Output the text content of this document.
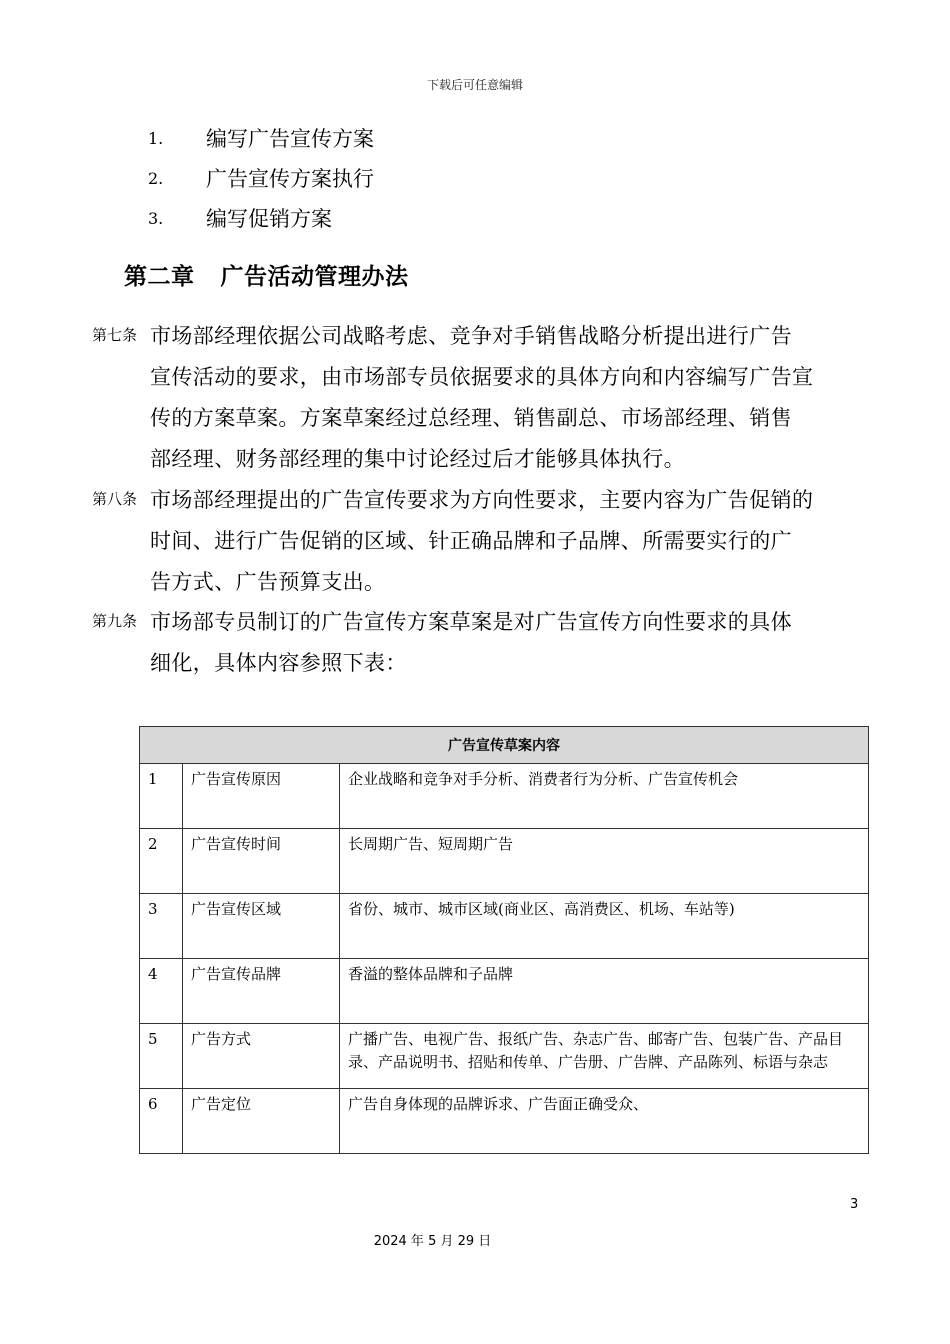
下载后可任意编辑
1.	编写广告宣传方案
2.	广告宣传方案执行
3.	编写促销方案
第二章 广告活动管理办法
第七条 市场部经理依据公司战略考虑、竞争对手销售战略分析提出进行广告
宣传活动的要求，由市场部专员依据要求的具体方向和内容编写广告宣
传的方案草案。方案草案经过总经理、销售副总、市场部经理、销售
部经理、财务部经理的集中讨论经过后才能够具体执行。
第八条 市场部经理提出的广告宣传要求为方向性要求，主要内容为广告促销的
时间、进行广告促销的区域、针正确品牌和子品牌、所需要实行的广
告方式、广告预算支出。
第九条 市场部专员制订的广告宣传方案草案是对广告宣传方向性要求的具体
细化，具体内容参照下表：
广告宣传草案内容		
1	广告宣传原因	企业战略和竞争对手分析、消费者行为分析、广告宣传机会
2	广告宣传时间	长周期广告、短周期广告
3	广告宣传区域	省份、城市、城市区域(商业区、高消费区、机场、车站等)
4	广告宣传品牌	香溢的整体品牌和子品牌
5	广告方式	广播广告、电视广告、报纸广告、杂志广告、邮寄广告、包装广告、产品目录、产品说明书、招贴和传单、广告册、广告牌、产品陈列、标语与杂志
6	广告定位	广告自身体现的品牌诉求、广告面正确受众、
3
2024 年 5 月 29 日
